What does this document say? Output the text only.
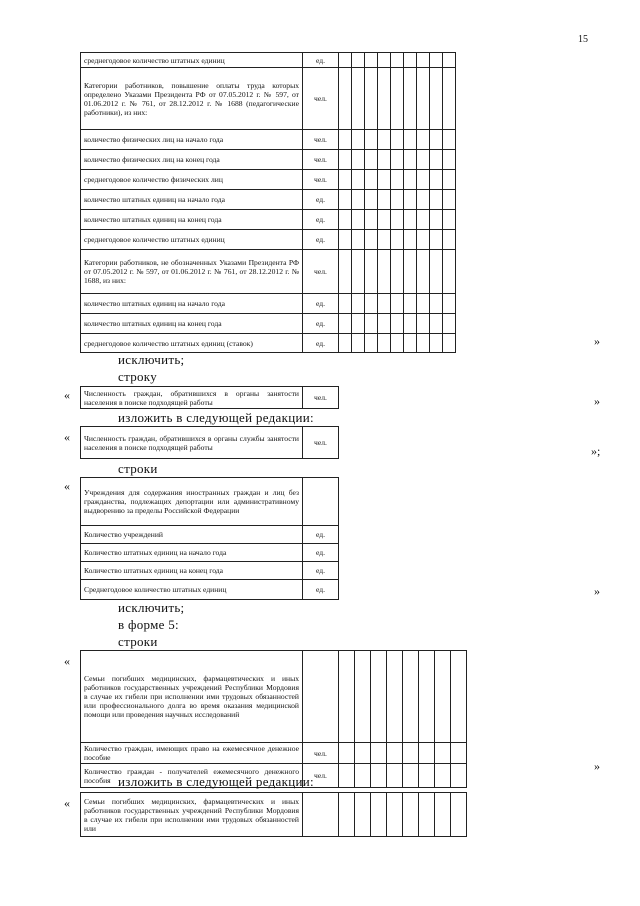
15
среднегодовое количество штатных единиц	ед.									
Категории работников, повышение оплаты труда которых определено Указами Президента РФ от 07.05.2012 г. № 597, от 01.06.2012 г. № 761, от 28.12.2012 г. № 1688 (педагогические работники), из них:	чел.									
количество физических лиц на начало года	чел.									
количество физических лиц на конец года	чел.									
среднегодовое количество физических лиц	чел.									
количество штатных единиц на начало года	ед.									
количество штатных единиц на конец года	ед.									
среднегодовое количество штатных единиц	ед.									
Категории работников, не обозначенных Указами Президента РФ от 07.05.2012 г. № 597, от 01.06.2012 г. № 761, от 28.12.2012 г. № 1688, из них:	чел.									
количество штатных единиц на начало года	ед.									
количество штатных единиц на конец года	ед.									
среднегодовое количество штатных единиц (ставок)	ед.										»
исключить;
строку
« Численность граждан, обратившихся в органы занятости населения в поиске подходящей работы	чел.	»
изложить в следующей редакции:
« Численность граждан, обратившихся в органы службы занятости населения в поиске подходящей работы	чел.
»;
строки
« Учреждения для содержания иностранных граждан и лиц без гражданства, подлежащих депортации или административному выдворению за пределы Российской Федерации	
Количество учреждений	ед.
Количество штатных единиц на начало года	ед.
Количество штатных единиц на конец года	ед.
Среднегодовое количество штатных единиц	ед.	»
исключить;
в форме 5:
строки
«
Семьи погибших медицинских, фармацевтических и иных работников государственных учреждений Республики Мордовия в случае их гибели при исполнении ими трудовых обязанностей или профессионального долга во время оказания медицинской помощи или проведения научных исследований									
Количество граждан, имеющих право на ежемесячное денежное пособие	чел.								
Количество граждан - получателей ежемесячного денежного пособия	чел.								
»
изложить в следующей редакции:
« Семьи погибших медицинских, фармацевтических и иных работников государственных учреждений Республики Мордовия в случае их гибели при исполнении ими трудовых обязанностей или									
